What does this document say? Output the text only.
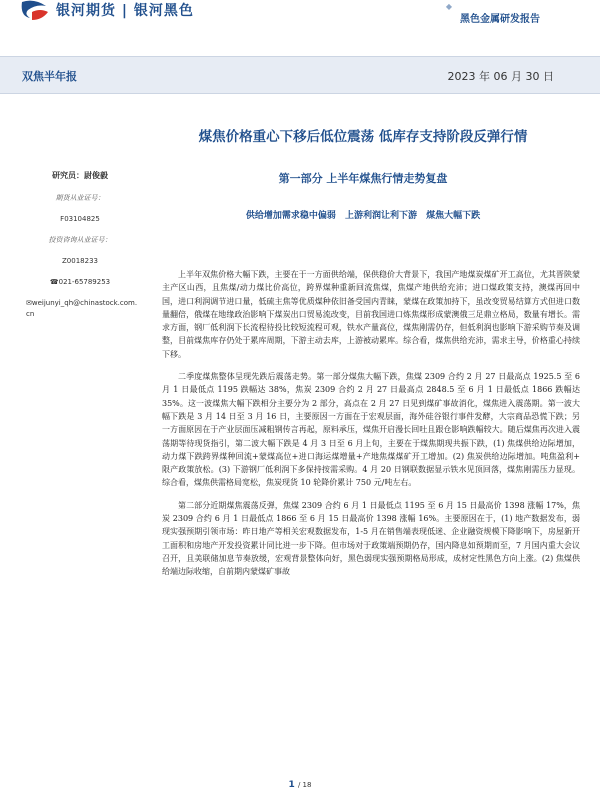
银河期货 | 银河黑色	◆
黑色金属研发报告
双焦半年报	2023 年 06 月 30 日
研究员：尉俊毅
期货从业证号：
F03104825
投资咨询从业证号：
Z0018233
☎021-65789253
✉weijunyi_qh@chinastock.com.cn
煤焦价格重心下移后低位震荡 低库存支持阶段反弹行情
第一部分 上半年煤焦行情走势复盘
供给增加需求稳中偏弱 上游利润让利下游 煤焦大幅下跌

上半年双焦价格大幅下跌，主要在于一方面供给端，保供稳价大背景下，我国产地煤炭煤矿开工高位，尤其晋陕蒙主产区山西，且焦煤/动力煤比价高位，跨界煤种重新回流焦煤，焦煤产地供给充沛；进口煤政策支持，澳煤再回中国，进口利润调节进口量，低硫主焦等优质煤种依旧备受国内青睐，蒙煤在政策加持下，虽改变贸易结算方式但进口数量翻倍，俄煤在地缘政治影响下煤炭出口贸易流改变，目前我国进口炼焦煤形成蒙澳俄三足鼎立格局，数量有增长。需求方面，钢厂低利润下长流程待投比较短流程可观，铁水产量高位，煤焦刚需仍存，但低利润也影响下游采购节奏及调整，目前煤焦库存仍处于累库周期，下游主动去库，上游被动累库。综合看，煤焦供给充沛，需求主导，价格重心持续下移。

二季度煤焦整体呈现先跌后震荡走势。第一部分煤焦大幅下跌，焦煤 2309 合约 2 月 27 日最高点 1925.5 至 6 月 1 日最低点 1195 跌幅达 38%，焦炭 2309 合约 2 月 27 日最高点 2848.5 至 6 月 1 日最低点 1866 跌幅达 35%。这一波煤焦大幅下跌相分主要分为 2 部分，高点在 2 月 27 日见到煤矿事故消化，煤焦进入震荡期。第一波大幅下跌是 3 月 14 日至 3 月 16 日，主要原因一方面在于宏观层面，海外硅谷银行事件发酵，大宗商品恐慌下跌；另一方面原因在于产业层面压减粗钢传言再起，原料承压，煤焦开启漫长回吐且跟仓影响跌幅较大。随后煤焦再次进入震荡期等待现货指引，第二波大幅下跌是 4 月 3 日至 6 月上旬，主要在于煤焦期现共振下跌，(1) 焦煤供给边际增加，动力煤下跌跨界煤种回流+蒙煤高位+进口海运煤增量+产地焦煤煤矿开工增加。(2) 焦炭供给边际增加。吨焦盈利+ 限产政策放松。(3) 下游钢厂低利润下多保持按需采购。4 月 20 日钢联数据显示铁水见顶回落，煤焦刚需压力显现。综合看，煤焦供需格局宽松，焦炭现货 10 轮降价累计 750 元/吨左右。

第二部分近期煤焦震荡反弹，焦煤 2309 合约 6 月 1 日最低点 1195 至 6 月 15 日最高价 1398 涨幅 17%，焦炭 2309 合约 6 月 1 日最低点 1866 至 6 月 15 日最高价 1398 涨幅 16%。主要原因在于，(1) 地产数据发布，弱现实强预期引领市场：昨日地产等相关宏观数据发布，1-5 月在销售端表现低迷、企业融资规模下降影响下，房屋新开工面积和房地产开发投资累计同比进一步下降。但市场对于政策端预期仍存，国内降息如预期而至，7 月国内重大会议召开，且美联储加息节奏放缓，宏观背景整体向好，黑色弱现实强预期格局形成，成材定性黑色方向上涨。(2) 焦煤供给端边际收缩，自前期内蒙煤矿事故

1 / 18
